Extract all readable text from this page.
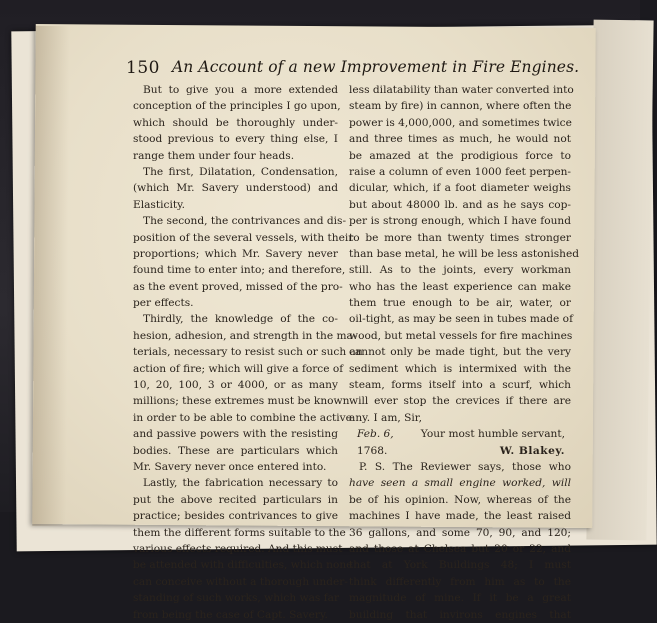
150 An Account of a new Improvement in Fire Engines.
But to give you a more extended
conception of the principles I go upon,
which should be thoroughly under-
stood previous to every thing else, I
range them under four heads.
The first, Dilatation, Condensation,
(which Mr. Savery understood) and
Elasticity.
The second, the contrivances and dis-
position of the several vessels, with their
proportions; which Mr. Savery never
found time to enter into; and therefore,
as the event proved, missed of the pro-
per effects.
Thirdly, the knowledge of the co-
hesion, adhesion, and strength in the ma-
terials, necessary to resist such or such an
action of fire; which will give a force of
10, 20, 100, 3 or 4000, or as many
millions; these extremes must be known
in order to be able to combine the active
and passive powers with the resisting
bodies. These are particulars which
Mr. Savery never once entered into.
Lastly, the fabrication necessary to
put the above recited particulars in
practice; besides contrivances to give
them the different forms suitable to the
various effects required. And this must
be attended with difficulties, which none
can conceive without a thorough under-
standing of such works, which was far
from being the case of Capt. Savery.
less dilatability than water converted into
steam by fire) in cannon, where often the
power is 4,000,000, and sometimes twice
and three times as much, he would not
be amazed at the prodigious force to
raise a column of even 1000 feet perpen-
dicular, which, if a foot diameter weighs
but about 48000 lb. and as he says cop-
per is strong enough, which I have found
to be more than twenty times stronger
than base metal, he will be less astonished
still. As to the joints, every workman
who has the least experience can make
them true enough to be air, water, or
oil-tight, as may be seen in tubes made of
wood, but metal vessels for fire machines
cannot only be made tight, but the very
sediment which is intermixed with the
steam, forms itself into a scurf, which
will ever stop the crevices if there are
any. I am, Sir,
Feb. 6,	Your most humble servant,
1768.	W. Blakey.
P. S. The Reviewer says, those who
have seen a small engine worked, will
be of his opinion. Now, whereas of the
machines I have made, the least raised
36 gallons, and some 70, 90, and 120;
and those at Chelsea but 20 or 22, and
that at York Buildings 48; I must
think differently from him as to the
magnitude of mine. If it be a great
building that invirons engines that
